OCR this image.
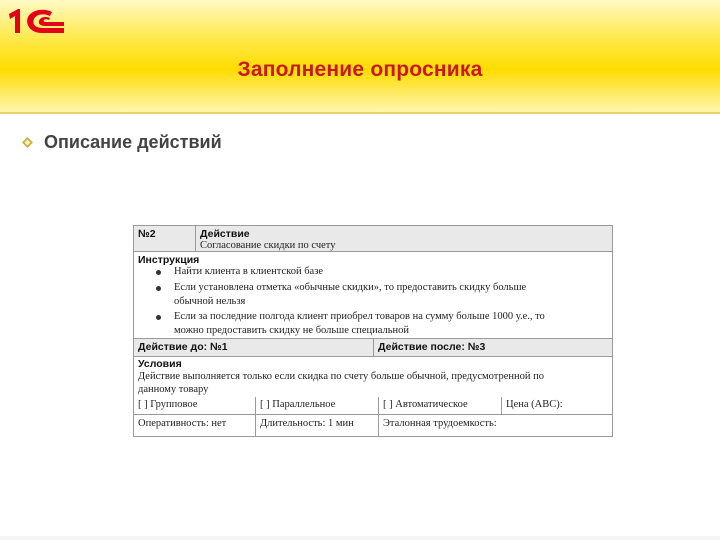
Заполнение опросника
Описание действий
№2	Действие
Согласование скидки по счету
Инструкция
Найти клиента в клиентской базе
Если установлена отметка «обычные скидки», то предоставить скидку больше
обычной нельзя
Если за последние полгода клиент приобрел товаров на сумму больше 1000 у.е., то
можно предоставить скидку не больше специальной
Действие до: №1	Действие после: №3
Условия
Действие выполняется только если скидка по счету больше обычной, предусмотренной по
данному товару
[ ] Групповое	[ ] Параллельное	[ ] Автоматическое	Цена (ABC):
Оперативность: нет	Длительность: 1 мин	Эталонная трудоемкость:
